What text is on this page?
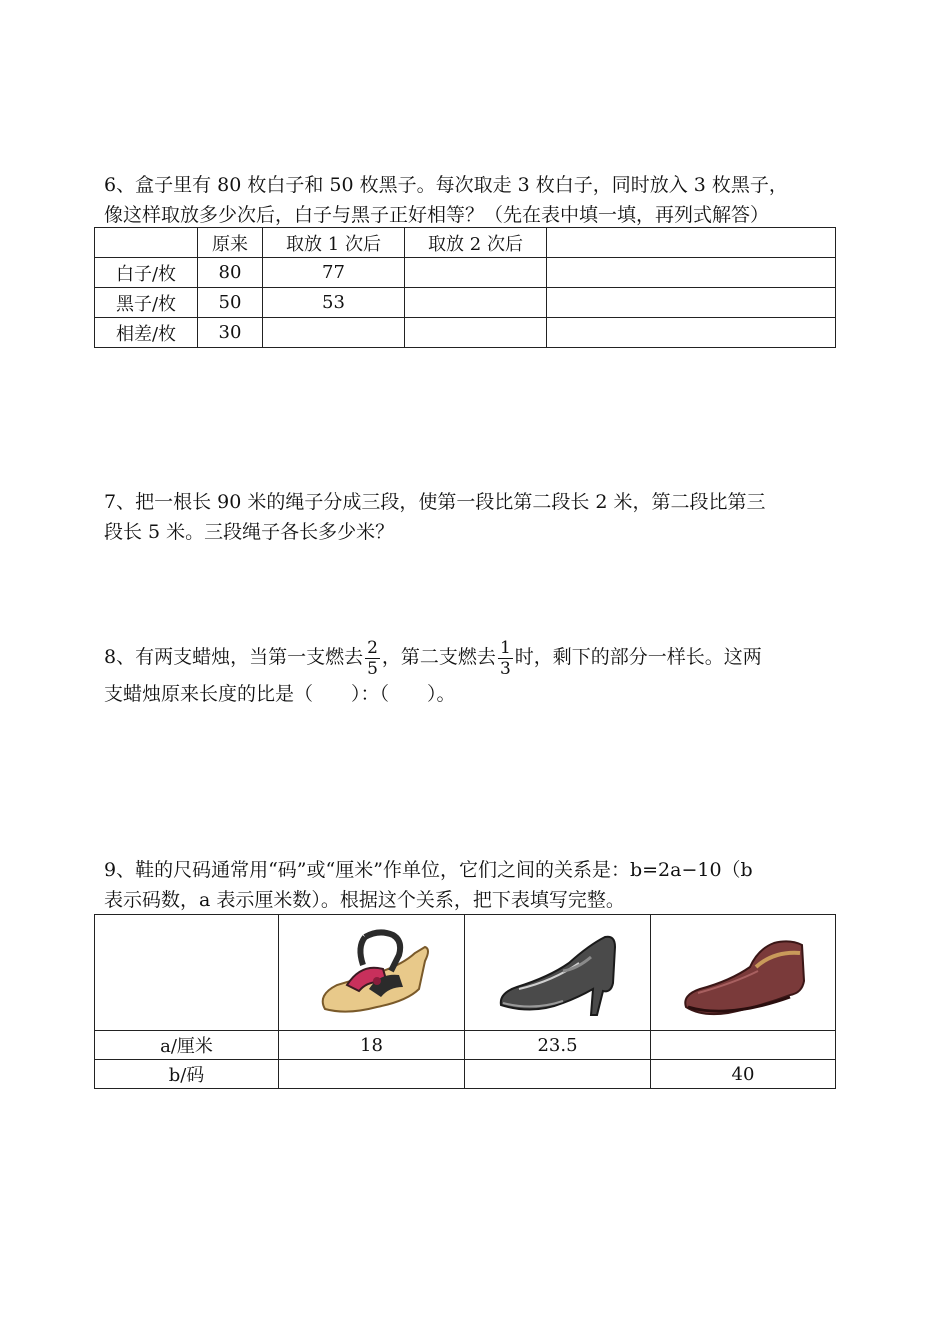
6、盒子里有 80 枚白子和 50 枚黑子。每次取走 3 枚白子，同时放入 3 枚黑子，

像这样取放多少次后，白子与黑子正好相等？（先在表中填一填，再列式解答）

	原来	取放 1 次后	取放 2 次后	
白子/枚	80	77		
黑子/枚	50	53		
相差/枚	30			

7、把一根长 90 米的绳子分成三段，使第一段比第二段长 2 米，第二段比第三

段长 5 米。三段绳子各长多少米？

8、有两支蜡烛，当第一支燃去 $\frac{2}{5}$ ，第二支燃去 $\frac{1}{3}$ 时，剩下的部分一样长。这两

支蜡烛原来长度的比是（　　）：（　　）。

9、鞋的尺码通常用“码”或“厘米”作单位，它们之间的关系是：b=2a−10（b

表示码数，a 表示厘米数）。根据这个关系，把下表填写完整。

a/厘米	18	23.5	
b/码			40
